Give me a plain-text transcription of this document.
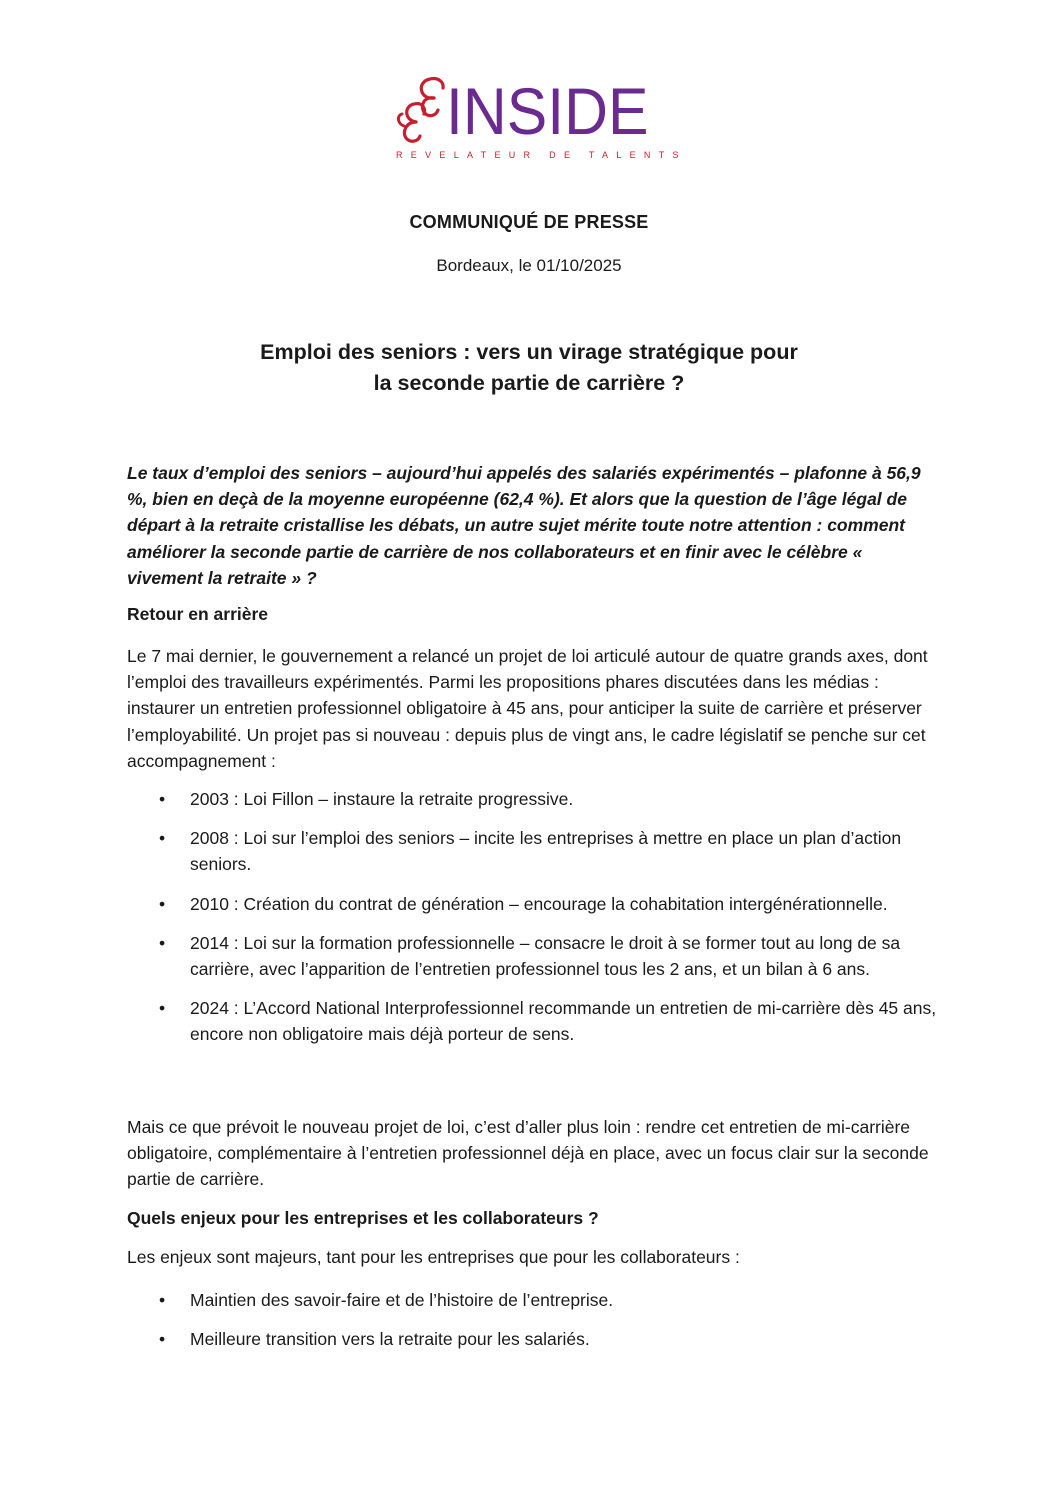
INSIDE
REVELATEUR DE TALENTS
COMMUNIQUÉ DE PRESSE
Bordeaux, le 01/10/2025
Emploi des seniors : vers un virage stratégique pour
la seconde partie de carrière ?
Le taux d’emploi des seniors – aujourd’hui appelés des salariés expérimentés – plafonne à 56,9 %, bien en deçà de la moyenne européenne (62,4 %). Et alors que la question de l’âge légal de départ à la retraite cristallise les débats, un autre sujet mérite toute notre attention : comment améliorer la seconde partie de carrière de nos collaborateurs et en finir avec le célèbre « vivement la retraite » ?
Retour en arrière
Le 7 mai dernier, le gouvernement a relancé un projet de loi articulé autour de quatre grands axes, dont l’emploi des travailleurs expérimentés. Parmi les propositions phares discutées dans les médias : instaurer un entretien professionnel obligatoire à 45 ans, pour anticiper la suite de carrière et préserver l’employabilité. Un projet pas si nouveau : depuis plus de vingt ans, le cadre législatif se penche sur cet accompagnement :
• 2003 : Loi Fillon – instaure la retraite progressive.
• 2008 : Loi sur l’emploi des seniors – incite les entreprises à mettre en place un plan d’action seniors.
• 2010 : Création du contrat de génération – encourage la cohabitation intergénérationnelle.
• 2014 : Loi sur la formation professionnelle – consacre le droit à se former tout au long de sa carrière, avec l’apparition de l’entretien professionnel tous les 2 ans, et un bilan à 6 ans.
• 2024 : L’Accord National Interprofessionnel recommande un entretien de mi-carrière dès 45 ans, encore non obligatoire mais déjà porteur de sens.
Mais ce que prévoit le nouveau projet de loi, c’est d’aller plus loin : rendre cet entretien de mi-carrière obligatoire, complémentaire à l’entretien professionnel déjà en place, avec un focus clair sur la seconde partie de carrière.
Quels enjeux pour les entreprises et les collaborateurs ?
Les enjeux sont majeurs, tant pour les entreprises que pour les collaborateurs :
• Maintien des savoir-faire et de l’histoire de l’entreprise.
• Meilleure transition vers la retraite pour les salariés.
